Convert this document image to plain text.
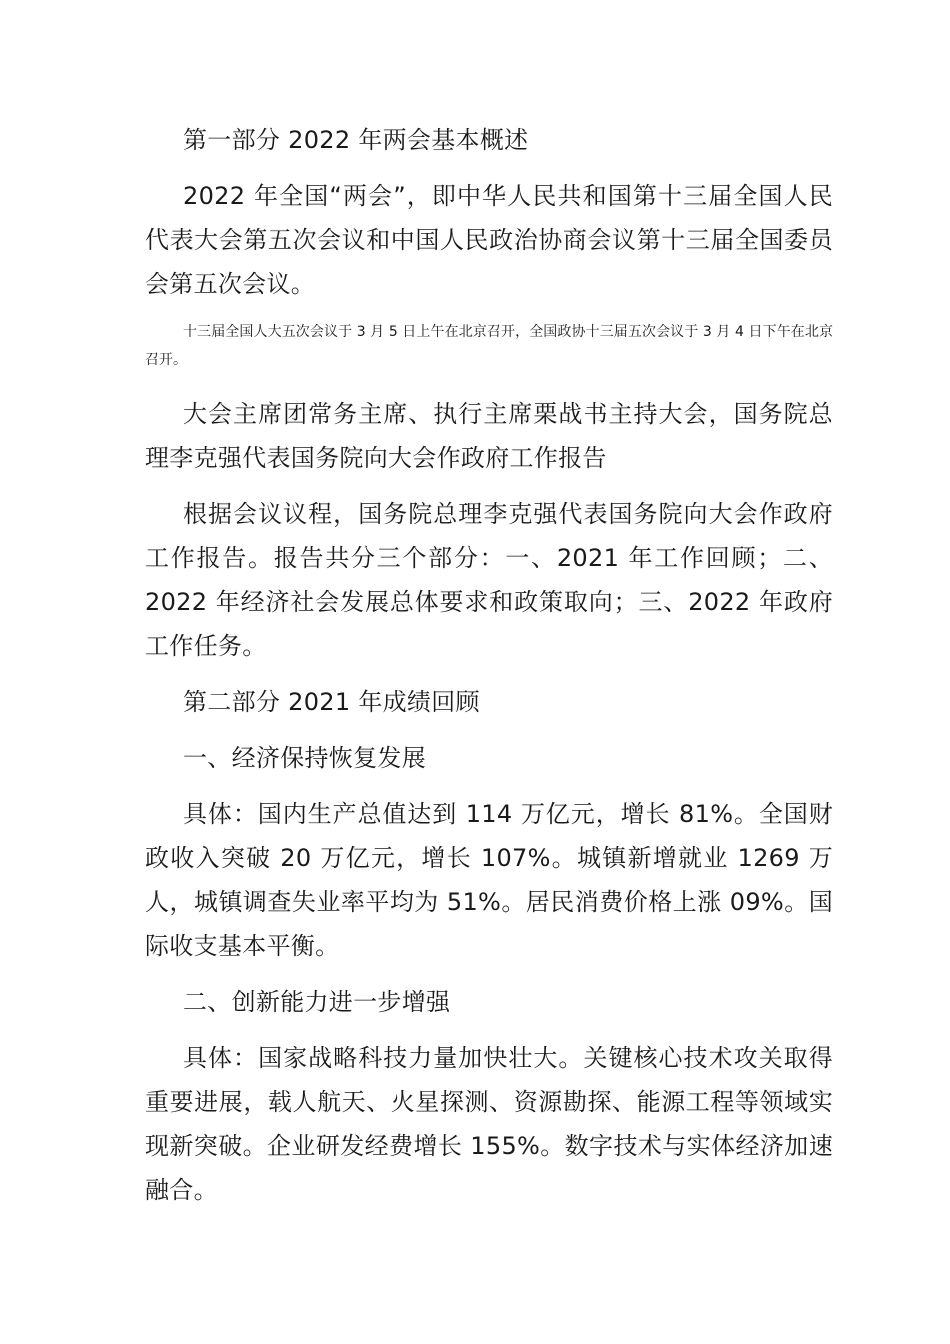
第一部分 2022 年两会基本概述

2022 年全国“两会”，即中华人民共和国第十三届全国人民代表大会第五次会议和中国人民政治协商会议第十三届全国委员会第五次会议。

十三届全国人大五次会议于 3 月 5 日上午在北京召开，全国政协十三届五次会议于 3 月 4 日下午在北京召开。

大会主席团常务主席、执行主席栗战书主持大会，国务院总理李克强代表国务院向大会作政府工作报告

根据会议议程，国务院总理李克强代表国务院向大会作政府工作报告。报告共分三个部分：一、2021 年工作回顾；二、2022 年经济社会发展总体要求和政策取向；三、2022 年政府工作任务。

第二部分 2021 年成绩回顾

一、经济保持恢复发展

具体：国内生产总值达到 114 万亿元，增长 81%。全国财政收入突破 20 万亿元，增长 107%。城镇新增就业 1269 万人，城镇调查失业率平均为 51%。居民消费价格上涨 09%。国际收支基本平衡。

二、创新能力进一步增强

具体：国家战略科技力量加快壮大。关键核心技术攻关取得重要进展，载人航天、火星探测、资源勘探、能源工程等领域实现新突破。企业研发经费增长 155%。数字技术与实体经济加速融合。
